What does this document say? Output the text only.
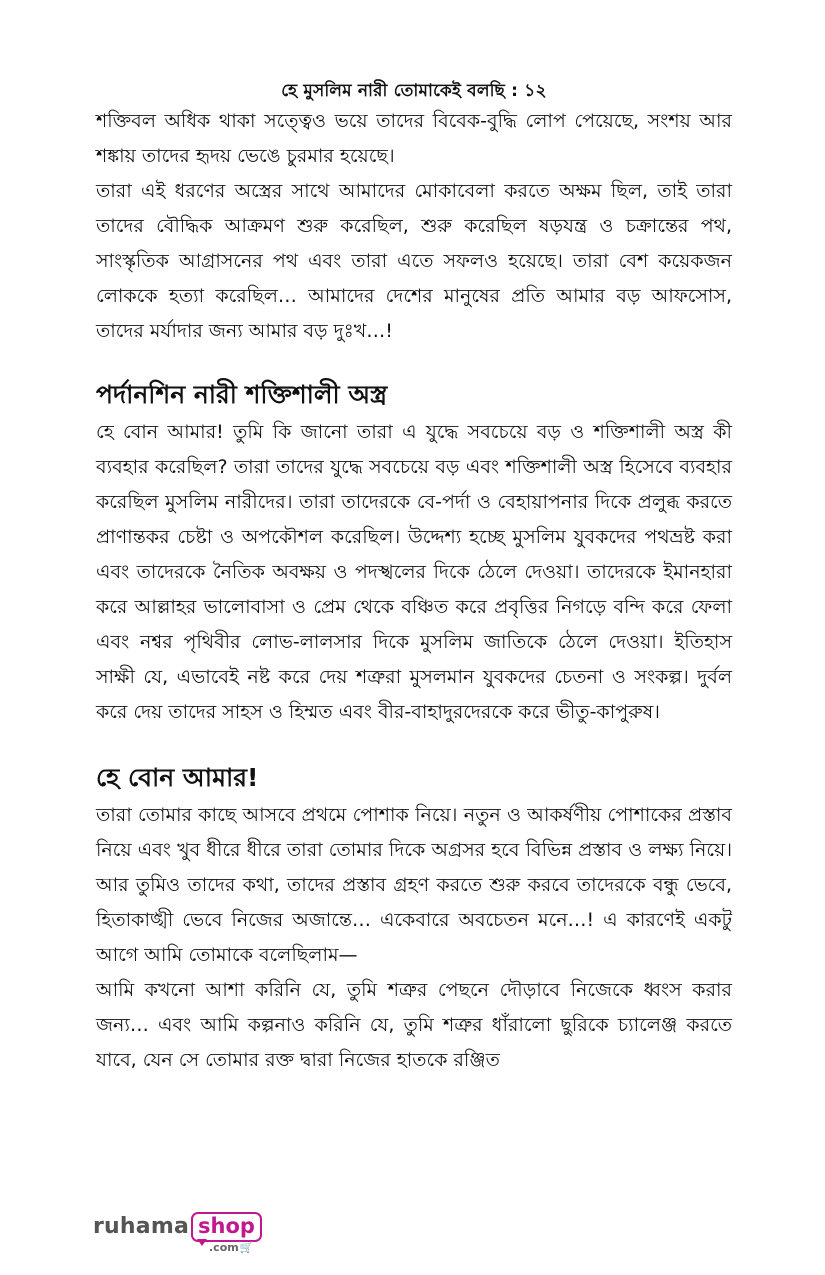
হে মুসলিম নারী তোমাকেই বলছি : ১২

শক্তিবল অধিক থাকা সত্ত্বেও ভয়ে তাদের বিবেক-বুদ্ধি লোপ পেয়েছে, সংশয় আর শঙ্কায় তাদের হৃদয় ভেঙে চুরমার হয়েছে।

তারা এই ধরণের অস্ত্রের সাথে আমাদের মোকাবেলা করতে অক্ষম ছিল, তাই তারা তাদের বৌদ্ধিক আক্রমণ শুরু করেছিল, শুরু করেছিল ষড়যন্ত্র ও চক্রান্তের পথ, সাংস্কৃতিক আগ্রাসনের পথ এবং তারা এতে সফলও হয়েছে। তারা বেশ কয়েকজন লোককে হত্যা করেছিল… আমাদের দেশের মানুষের প্রতি আমার বড় আফসোস, তাদের মর্যাদার জন্য আমার বড় দুঃখ…!

পর্দানশিন নারী শক্তিশালী অস্ত্র

হে বোন আমার! তুমি কি জানো তারা এ যুদ্ধে সবচেয়ে বড় ও শক্তিশালী অস্ত্র কী ব্যবহার করেছিল? তারা তাদের যুদ্ধে সবচেয়ে বড় এবং শক্তিশালী অস্ত্র হিসেবে ব্যবহার করেছিল মুসলিম নারীদের। তারা তাদেরকে বে-পর্দা ও বেহায়াপনার দিকে প্রলুব্ধ করতে প্রাণান্তকর চেষ্টা ও অপকৌশল করেছিল। উদ্দেশ্য হচ্ছে মুসলিম যুবকদের পথভ্রষ্ট করা এবং তাদেরকে নৈতিক অবক্ষয় ও পদস্খলের দিকে ঠেলে দেওয়া। তাদেরকে ইমানহারা করে আল্লাহর ভালোবাসা ও প্রেম থেকে বঞ্চিত করে প্রবৃত্তির নিগড়ে বন্দি করে ফেলা এবং নশ্বর পৃথিবীর লোভ-লালসার দিকে মুসলিম জাতিকে ঠেলে দেওয়া। ইতিহাস সাক্ষী যে, এভাবেই নষ্ট করে দেয় শত্রুরা মুসলমান যুবকদের চেতনা ও সংকল্প। দুর্বল করে দেয় তাদের সাহস ও হিম্মত এবং বীর-বাহাদুরদেরকে করে ভীতু-কাপুরুষ।

হে বোন আমার!

তারা তোমার কাছে আসবে প্রথমে পোশাক নিয়ে। নতুন ও আকর্ষণীয় পোশাকের প্রস্তাব নিয়ে এবং খুব ধীরে ধীরে তারা তোমার দিকে অগ্রসর হবে বিভিন্ন প্রস্তাব ও লক্ষ্য নিয়ে। আর তুমিও তাদের কথা, তাদের প্রস্তাব গ্রহণ করতে শুরু করবে তাদেরকে বন্ধু ভেবে, হিতাকাঙ্খী ভেবে নিজের অজান্তে… একেবারে অবচেতন মনে…! এ কারণেই একটু আগে আমি তোমাকে বলেছিলাম—

আমি কখনো আশা করিনি যে, তুমি শত্রুর পেছনে দৌড়াবে নিজেকে ধ্বংস করার জন্য… এবং আমি কল্পনাও করিনি যে, তুমি শত্রুর ধাঁরালো ছুরিকে চ্যালেঞ্জ করতে যাবে, যেন সে তোমার রক্ত দ্বারা নিজের হাতকে রঞ্জিত

ruhama shop
.com🛒
